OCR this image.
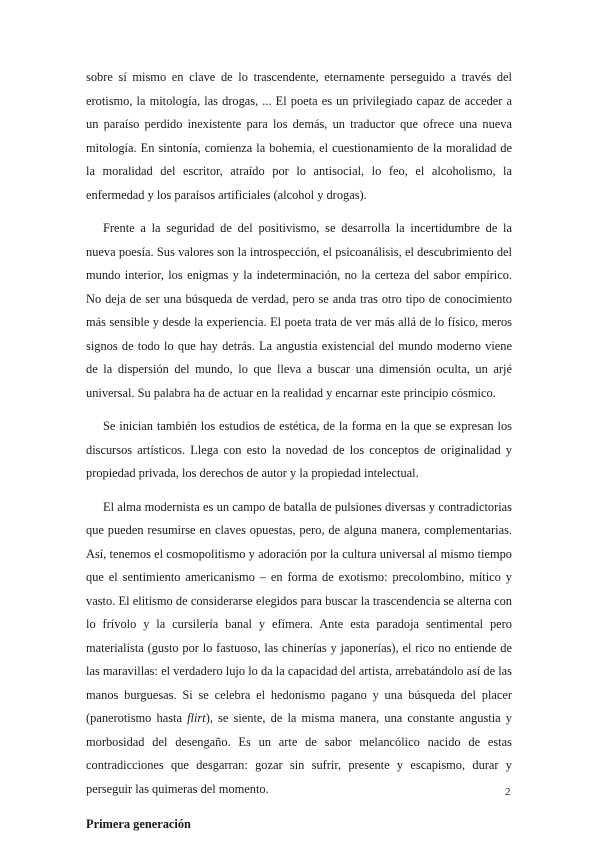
sobre sí mismo en clave de lo trascendente, eternamente perseguido a través del erotismo, la mitología, las drogas, ... El poeta es un privilegiado capaz de acceder a un paraíso perdido inexistente para los demás, un traductor que ofrece una nueva mitología. En sintonía, comienza la bohemia, el cuestionamiento de la moralidad de la moralidad del escritor, atraído por lo antisocial, lo feo, el alcoholismo, la enfermedad y los paraísos artificiales (alcohol y drogas).

Frente a la seguridad de del positivismo, se desarrolla la incertidumbre de la nueva poesía. Sus valores son la introspección, el psicoanálisis, el descubrimiento del mundo interior, los enigmas y la indeterminación, no la certeza del sabor empírico. No deja de ser una búsqueda de verdad, pero se anda tras otro tipo de conocimiento más sensible y desde la experiencia. El poeta trata de ver más allá de lo físico, meros signos de todo lo que hay detrás. La angustia existencial del mundo moderno viene de la dispersión del mundo, lo que lleva a buscar una dimensión oculta, un arjé universal. Su palabra ha de actuar en la realidad y encarnar este principio cósmico.

Se inician también los estudios de estética, de la forma en la que se expresan los discursos artísticos. Llega con esto la novedad de los conceptos de originalidad y propiedad privada, los derechos de autor y la propiedad intelectual.

El alma modernista es un campo de batalla de pulsiones diversas y contradictorias que pueden resumirse en claves opuestas, pero, de alguna manera, complementarias. Así, tenemos el cosmopolitismo y adoración por la cultura universal al mismo tiempo que el sentimiento americanismo – en forma de exotismo: precolombino, mítico y vasto. El elitismo de considerarse elegidos para buscar la trascendencia se alterna con lo frívolo y la cursilería banal y efímera. Ante esta paradoja sentimental pero materialista (gusto por lo fastuoso, las chinerías y japonerías), el rico no entiende de las maravillas: el verdadero lujo lo da la capacidad del artista, arrebatándolo así de las manos burguesas. Si se celebra el hedonismo pagano y una búsqueda del placer (panerotismo hasta flirt), se siente, de la misma manera, una constante angustia y morbosidad del desengaño. Es un arte de sabor melancólico nacido de estas contradicciones que desgarran: gozar sin sufrir, presente y escapismo, durar y perseguir las quimeras del momento.

Primera generación

2
